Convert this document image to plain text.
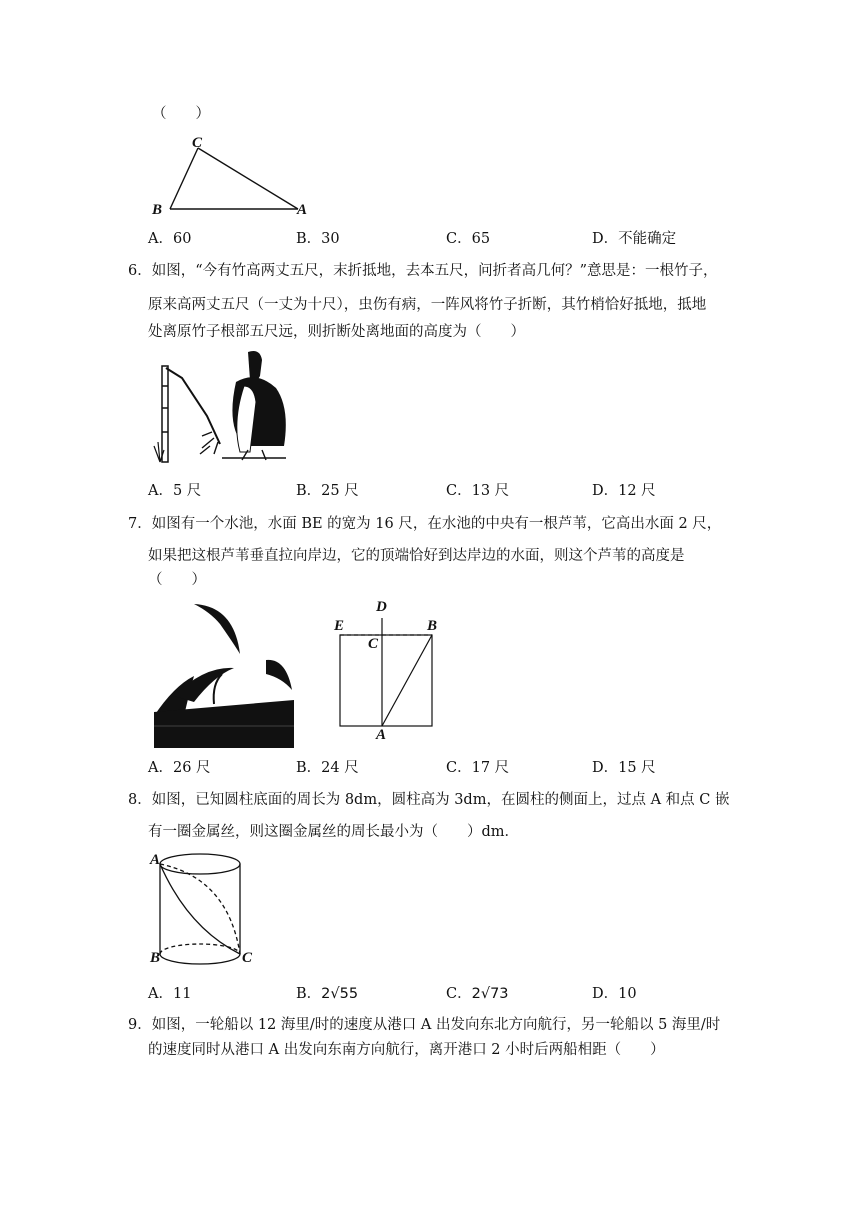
（　　）
C
B	A
A．60	B．30	C．65	D．不能确定
6．如图，“今有竹高两丈五尺，末折抵地，去本五尺，问折者高几何？”意思是：一根竹子，
原来高两丈五尺（一丈为十尺），虫伤有病，一阵风将竹子折断，其竹梢恰好抵地，抵地
处离原竹子根部五尺远，则折断处离地面的高度为（　　）
A．5 尺	B．25 尺	C．13 尺	D．12 尺
7．如图有一个水池，水面 BE 的宽为 16 尺，在水池的中央有一根芦苇，它高出水面 2 尺，
如果把这根芦苇垂直拉向岸边，它的顶端恰好到达岸边的水面，则这个芦苇的高度是
（　　）
D
E	B
C
A
A．26 尺	B．24 尺	C．17 尺	D．15 尺
8．如图，已知圆柱底面的周长为 8dm，圆柱高为 3dm，在圆柱的侧面上，过点 A 和点 C 嵌
有一圈金属丝，则这圈金属丝的周长最小为（　　）dm．
A
B	C
A．11	B．2√55	C．2√73	D．10
9．如图，一轮船以 12 海里/时的速度从港口 A 出发向东北方向航行，另一轮船以 5 海里/时
的速度同时从港口 A 出发向东南方向航行，离开港口 2 小时后两船相距（　　）
